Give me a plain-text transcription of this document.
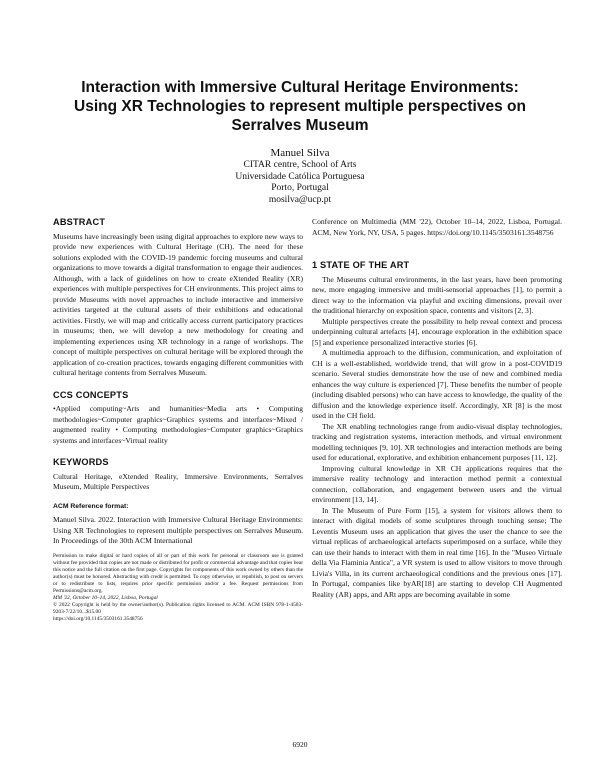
Interaction with Immersive Cultural Heritage Environments:
Using XR Technologies to represent multiple perspectives on
Serralves Museum
Manuel Silva
CITAR centre, School of Arts
Universidade Católica Portuguesa
Porto, Portugal
mosilva@ucp.pt
ABSTRACT

Museums have increasingly been using digital approaches to explore new ways to provide new experiences with Cultural Heritage (CH). The need for these solutions exploded with the COVID-19 pandemic forcing museums and cultural organizations to move towards a digital transformation to engage their audiences. Although, with a lack of guidelines on how to create eXtended Reality (XR) experiences with multiple perspectives for CH environments. This project aims to provide Museums with novel approaches to include interactive and immersive activities targeted at the cultural assets of their exhibitions and educational activities. Firstly, we will map and critically access current participatory practices in museums; then, we will develop a new methodology for creating and implementing experiences using XR technology in a range of workshops. The concept of multiple perspectives on cultural heritage will be explored through the application of co-creation practices, towards engaging different communities with cultural heritage contents from Serralves Museum.

CCS CONCEPTS

•Applied computing~Arts and humanities~Media arts • Computing methodologies~Computer graphics~Graphics systems and interfaces~Mixed / augmented reality • Computing methodologies~Computer graphics~Graphics systems and interfaces~Virtual reality

KEYWORDS

Cultural Heritage, eXtended Reality, Immersive Environments, Serralves Museum, Multiple Perspectives

ACM Reference format:

Manuel Silva. 2022. Interaction with Immersive Cultural Heritage Environments: Using XR Technologies to represent multiple perspectives on Serralves Museum. In Proceedings of the 30th ACM International

Permission to make digital or hard copies of all or part of this work for personal or classroom use is granted without fee provided that copies are not made or distributed for profit or commercial advantage and that copies bear this notice and the full citation on the first page. Copyrights for components of this work owned by others than the author(s) must be honored. Abstracting with credit is permitted. To copy otherwise, or republish, to post on servers or to redistribute to lists, requires prior specific permission and/or a fee. Request permissions from Permissions@acm.org.

MM '22, October 10–14, 2022, Lisboa, Portugal

© 2022 Copyright is held by the owner/author(s). Publication rights licensed to ACM. ACM ISBN 978-1-4503-9203-7/22/10...$15.00

https://doi.org/10.1145/3503161.3548756

Conference on Multimedia (MM '22), October 10–14, 2022, Lisboa, Portugal. ACM, New York, NY, USA, 5 pages. https://doi.org/10.1145/3503161.3548756

1 STATE OF THE ART

The Museums cultural environments, in the last years, have been promoting new, more engaging immersive and multi-sensorial approaches [1], to permit a direct way to the information via playful and exciting dimensions, prevail over the traditional hierarchy on exposition space, contents and visitors [2, 3].

Multiple perspectives create the possibility to help reveal context and process underpinning cultural artefacts [4], encourage exploration in the exhibition space [5] and experience personalized interactive stories [6].

A multimedia approach to the diffusion, communication, and exploitation of CH is a well-established, worldwide trend, that will grow in a post-COVID19 scenario. Several studies demonstrate how the use of new and combined media enhances the way culture is experienced [7]. These benefits the number of people (including disabled persons) who can have access to knowledge, the quality of the diffusion and the knowledge experience itself. Accordingly, XR [8] is the most used in the CH field.

The XR enabling technologies range from audio-visual display technologies, tracking and registration systems, interaction methods, and virtual environment modelling techniques [9, 10]. XR technologies and interaction methods are being used for educational, explorative, and exhibition enhancement purposes [11, 12].

Improving cultural knowledge in XR CH applications requires that the immersive reality technology and interaction method permit a contextual connection, collaboration, and engagement between users and the virtual environment [13, 14].

In The Museum of Pure Form [15], a system for visitors allows them to interact with digital models of some sculptures through touching sense; The Leventis Museum uses an application that gives the user the chance to see the virtual replicas of archaeological artefacts superimposed on a surface, while they can use their hands to interact with them in real time [16]. In the "Museo Virtuale della Via Flaminia Antica", a VR system is used to allow visitors to move through Livia's Villa, in its current archaeological conditions and the previous ones [17]. In Portugal, companies like byAR[18] are starting to develop CH Augmented Reality (AR) apps, and ARt apps are becoming available in some

6920
